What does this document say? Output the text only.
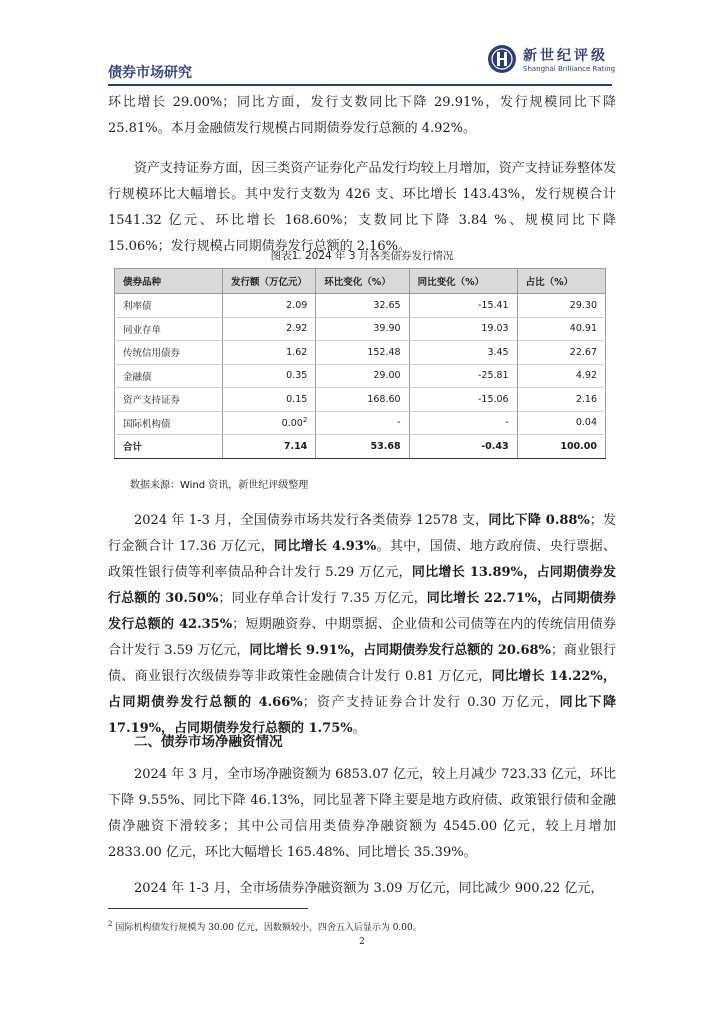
债券市场研究
新世纪评级
Shanghai Brilliance Rating

环比增长 29.00%；同比方面，发行支数同比下降 29.91%，发行规模同比下降25.81%。本月金融债发行规模占同期债券发行总额的 4.92%。

资产支持证券方面，因三类资产证券化产品发行均较上月增加，资产支持证券整体发行规模环比大幅增长。其中发行支数为 426 支、环比增长 143.43%，发行规模合计 1541.32 亿元、环比增长 168.60%；支数同比下降 3.84 %、规模同比下降 15.06%；发行规模占同期债券发行总额的 2.16%。

图表1. 2024 年 3 月各类债券发行情况
债券品种	发行额（万亿元）	环比变化（%）	同比变化（%）	占比（%）
利率债	2.09	32.65	-15.41	29.30
同业存单	2.92	39.90	19.03	40.91
传统信用债券	1.62	152.48	3.45	22.67
金融债	0.35	29.00	-25.81	4.92
资产支持证券	0.15	168.60	-15.06	2.16
国际机构债	0.00$^2$	-	-	0.04
合计	7.14	53.68	-0.43	100.00
数据来源：Wind 资讯，新世纪评级整理

2024 年 1-3 月，全国债券市场共发行各类债券 12578 支，同比下降 0.88%；发行金额合计 17.36 万亿元，同比增长 4.93%。其中，国债、地方政府债、央行票据、政策性银行债等利率债品种合计发行 5.29 万亿元，同比增长 13.89%，占同期债券发行总额的 30.50%；同业存单合计发行 7.35 万亿元，同比增长 22.71%，占同期债券发行总额的 42.35%；短期融资券、中期票据、企业债和公司债等在内的传统信用债券合计发行 3.59 万亿元，同比增长 9.91%，占同期债券发行总额的 20.68%；商业银行债、商业银行次级债券等非政策性金融债合计发行 0.81 万亿元，同比增长 14.22%，占同期债券发行总额的 4.66%；资产支持证券合计发行 0.30 万亿元，同比下降 17.19%，占同期债券发行总额的 1.75%。

二、债券市场净融资情况

2024 年 3 月，全市场净融资额为 6853.07 亿元，较上月减少 723.33 亿元，环比下降 9.55%、同比下降 46.13%，同比显著下降主要是地方政府债、政策银行债和金融债净融资下滑较多；其中公司信用类债券净融资额为 4545.00 亿元，较上月增加 2833.00 亿元，环比大幅增长 165.48%、同比增长 35.39%。

2024 年 1-3 月，全市场债券净融资额为 3.09 万亿元，同比减少 900.22 亿元，

$^2$ 国际机构债发行规模为 30.00 亿元，因数额较小，四舍五入后显示为 0.00。
2
